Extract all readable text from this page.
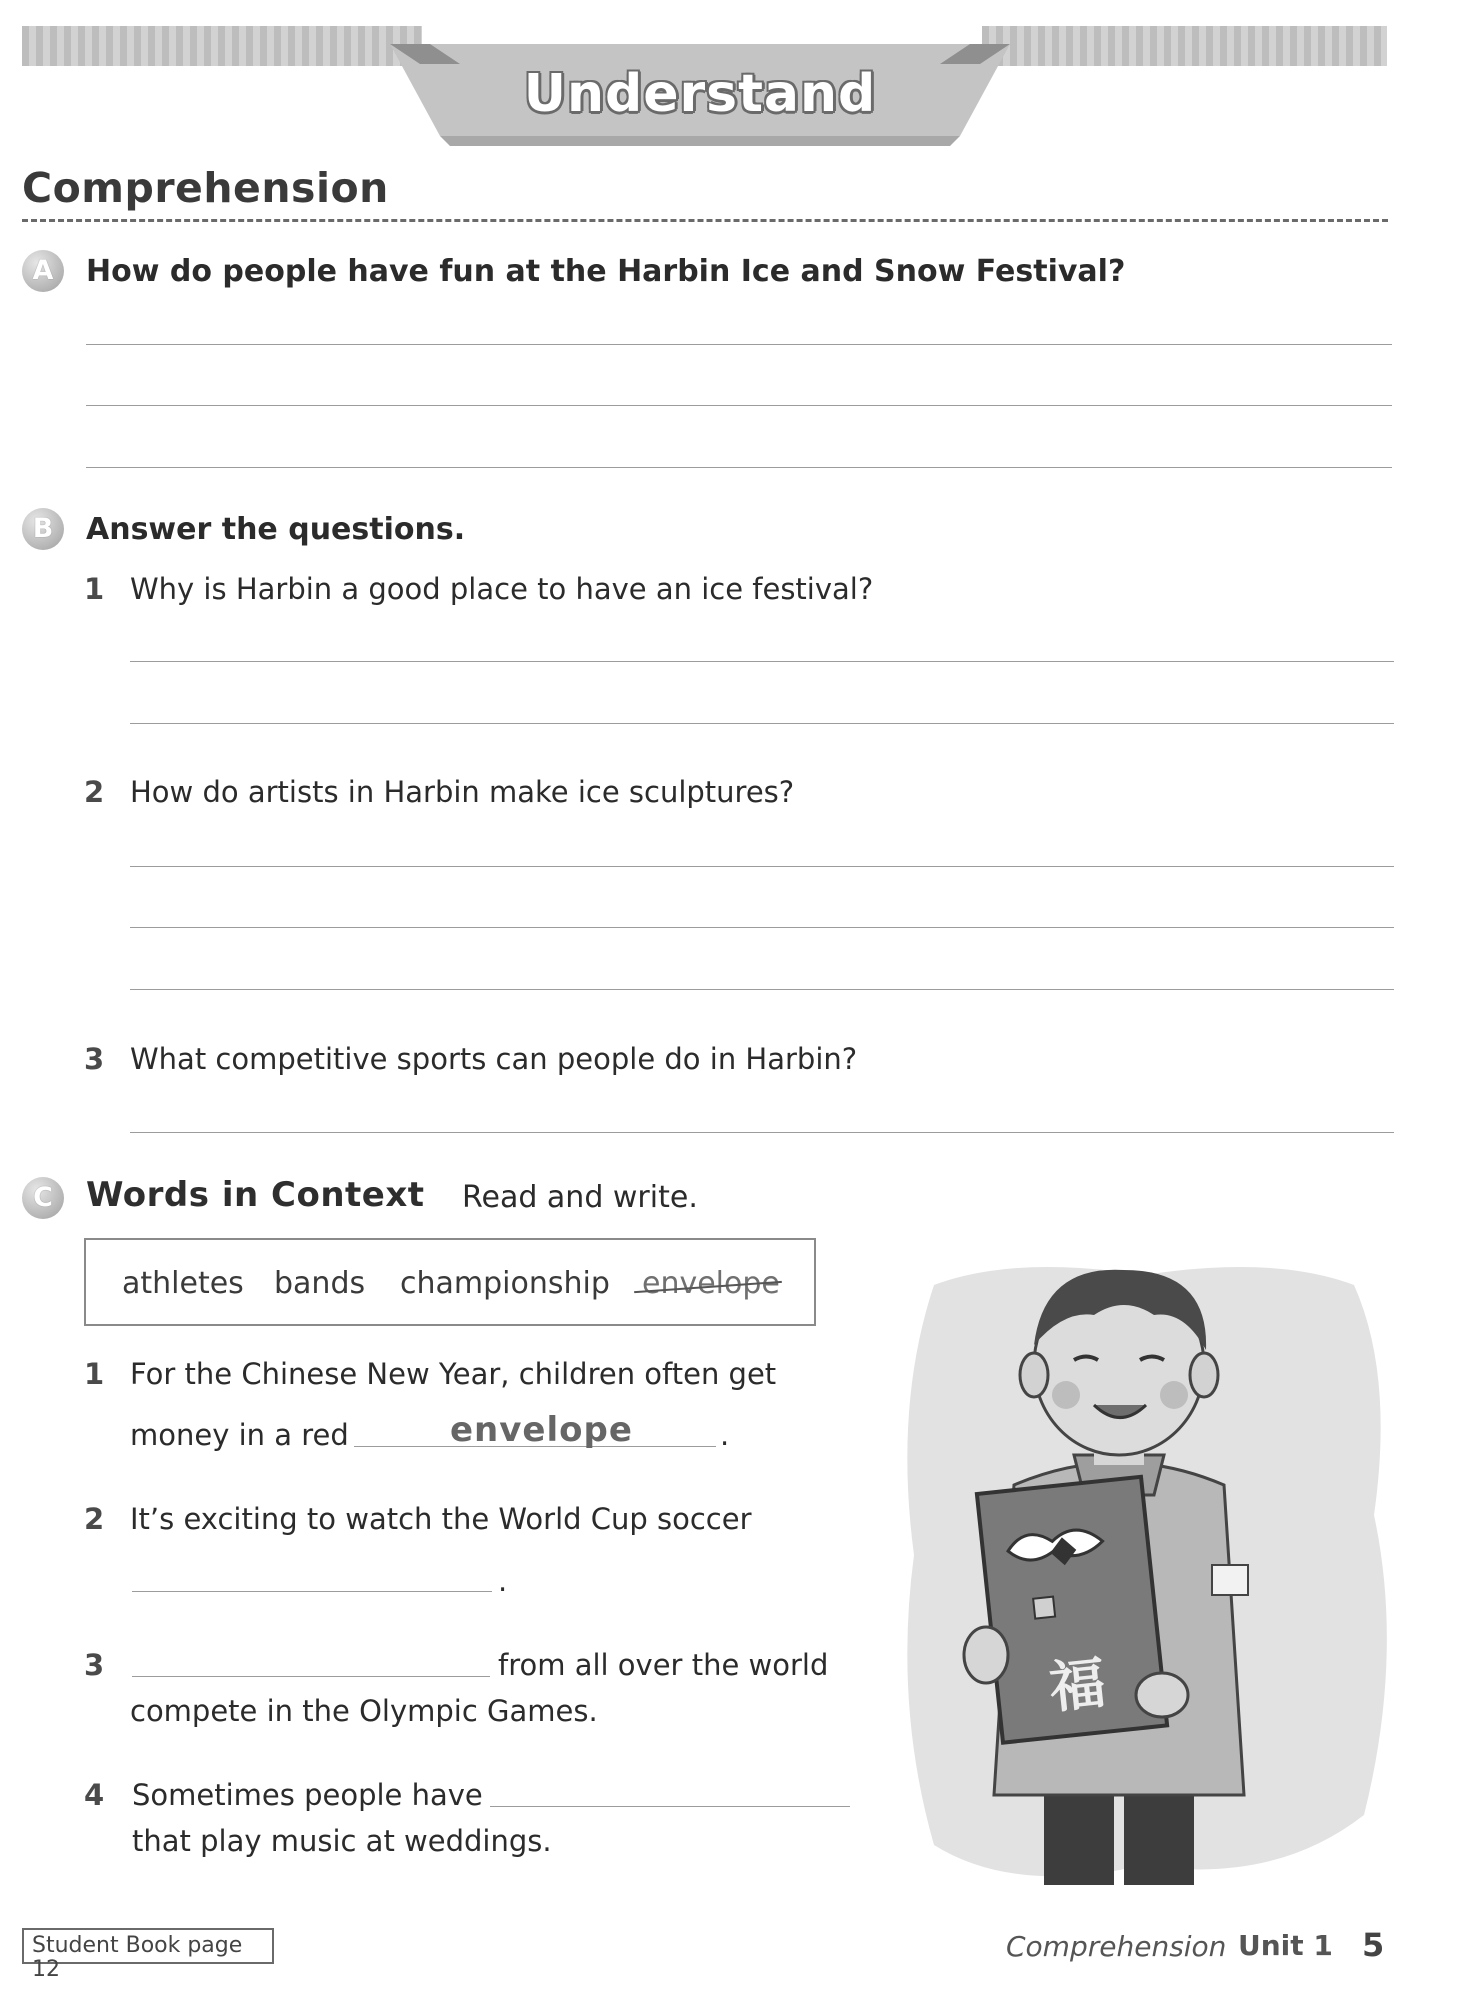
Understand
Comprehension
A	How do people have fun at the Harbin Ice and Snow Festival?
B	Answer the questions.
1 Why is Harbin a good place to have an ice festival?
2 How do artists in Harbin make ice sculptures?
3 What competitive sports can people do in Harbin?
C Words in Context Read and write.
athletes bands championship envelope
1 For the Chinese New Year, children often get
money in a red	envelope	.
2 It’s exciting to watch the World Cup soccer
.
3	from all over the world
compete in the Olympic Games.
4 Sometimes people have
that play music at weddings.
福
Student Book page 12
Comprehension Unit 1 5
